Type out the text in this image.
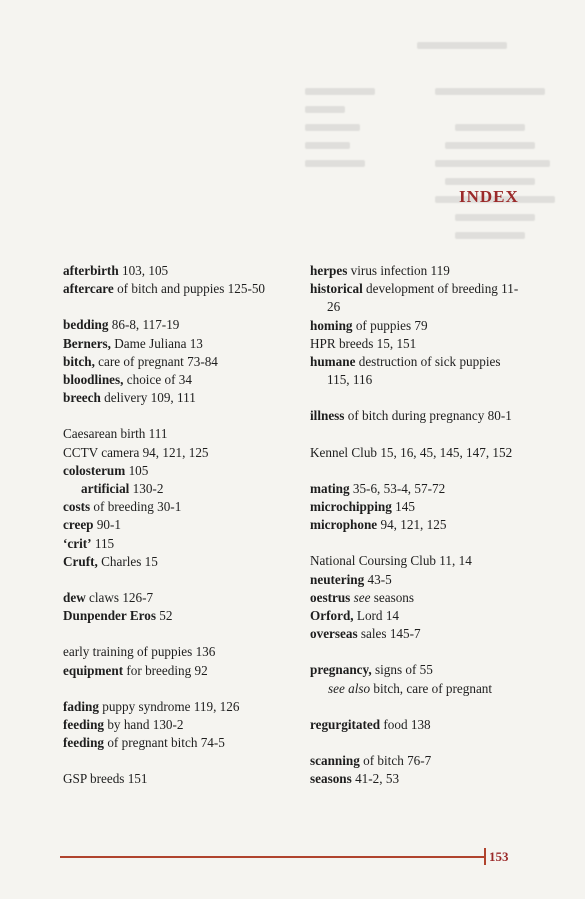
INDEX
afterbirth 103, 105
aftercare of bitch and puppies 125-50
bedding 86-8, 117-19
Berners, Dame Juliana 13
bitch, care of pregnant 73-84
bloodlines, choice of 34
breech delivery 109, 111
Caesarean birth 111
CCTV camera 94, 121, 125
colosterum 105
artificial 130-2
costs of breeding 30-1
creep 90-1
‘crit’ 115
Cruft, Charles 15
dew claws 126-7
Dunpender Eros 52
early training of puppies 136
equipment for breeding 92
fading puppy syndrome 119, 126
feeding by hand 130-2
feeding of pregnant bitch 74-5
GSP breeds 151
herpes virus infection 119
historical development of breeding 11-26
homing of puppies 79
HPR breeds 15, 151
humane destruction of sick puppies 115, 116
illness of bitch during pregnancy 80-1
Kennel Club 15, 16, 45, 145, 147, 152
mating 35-6, 53-4, 57-72
microchipping 145
microphone 94, 121, 125
National Coursing Club 11, 14
neutering 43-5
oestrus see seasons
Orford, Lord 14
overseas sales 145-7
pregnancy, signs of 55
see also bitch, care of pregnant
regurgitated food 138
scanning of bitch 76-7
seasons 41-2, 53
153
